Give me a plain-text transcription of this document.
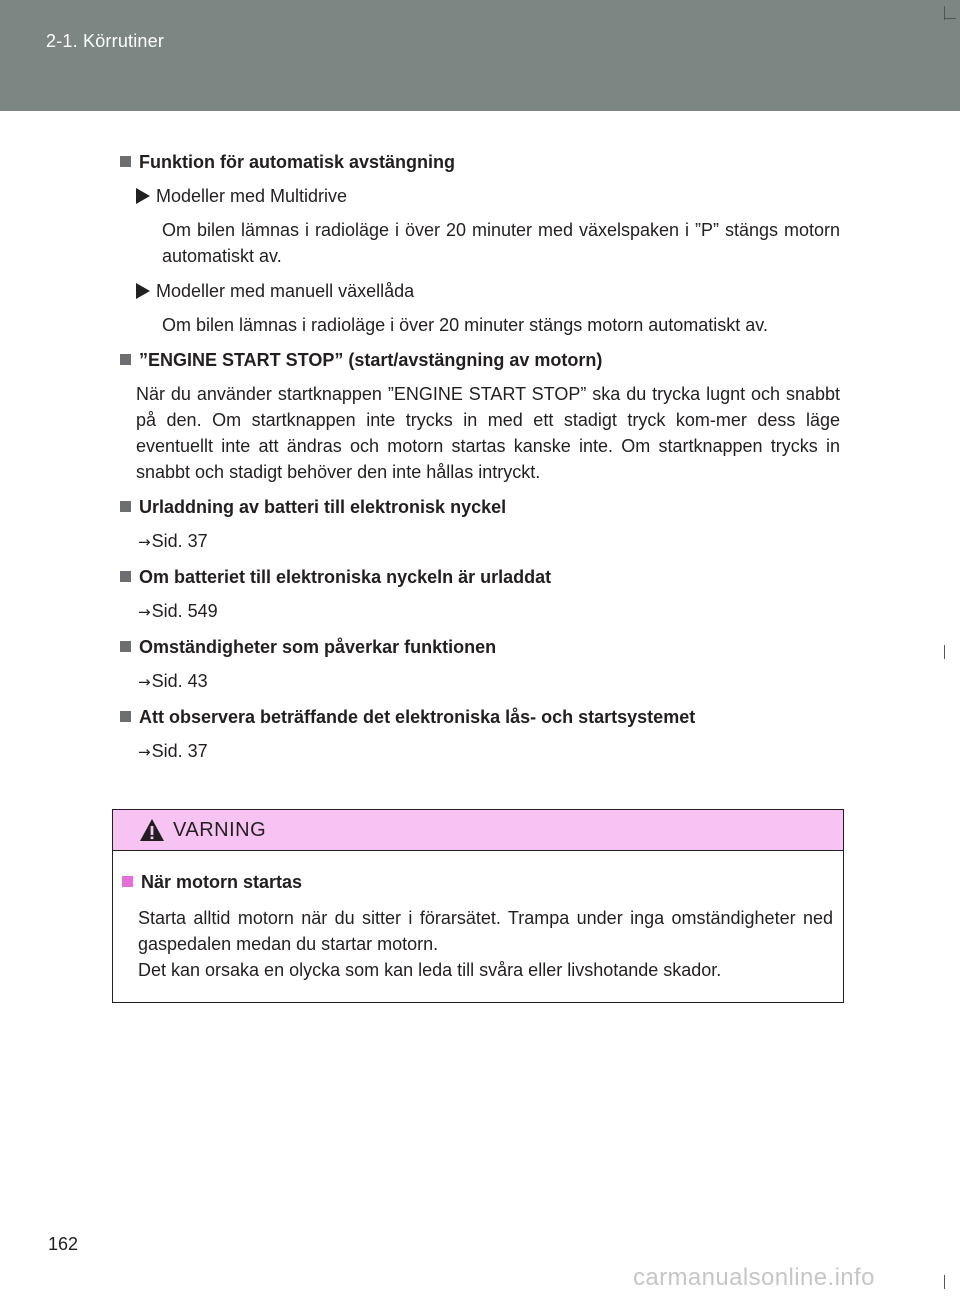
2-1. Körrutiner
Funktion för automatisk avstängning
Modeller med Multidrive
Om bilen lämnas i radioläge i över 20 minuter med växelspaken i ”P” stängs motorn automatiskt av.
Modeller med manuell växellåda
Om bilen lämnas i radioläge i över 20 minuter stängs motorn automatiskt av.
”ENGINE START STOP” (start/avstängning av motorn)
När du använder startknappen ”ENGINE START STOP” ska du trycka lugnt och snabbt på den. Om startknappen inte trycks in med ett stadigt tryck kom-mer dess läge eventuellt inte att ändras och motorn startas kanske inte. Om startknappen trycks in snabbt och stadigt behöver den inte hållas intryckt.
Urladdning av batteri till elektronisk nyckel
→Sid. 37
Om batteriet till elektroniska nyckeln är urladdat
→Sid. 549
Omständigheter som påverkar funktionen
→Sid. 43
Att observera beträffande det elektroniska lås- och startsystemet
→Sid. 37
VARNING
När motorn startas
Starta alltid motorn när du sitter i förarsätet. Trampa under inga omständigheter ned gaspedalen medan du startar motorn.
Det kan orsaka en olycka som kan leda till svåra eller livshotande skador.
162
carmanualsonline.info
